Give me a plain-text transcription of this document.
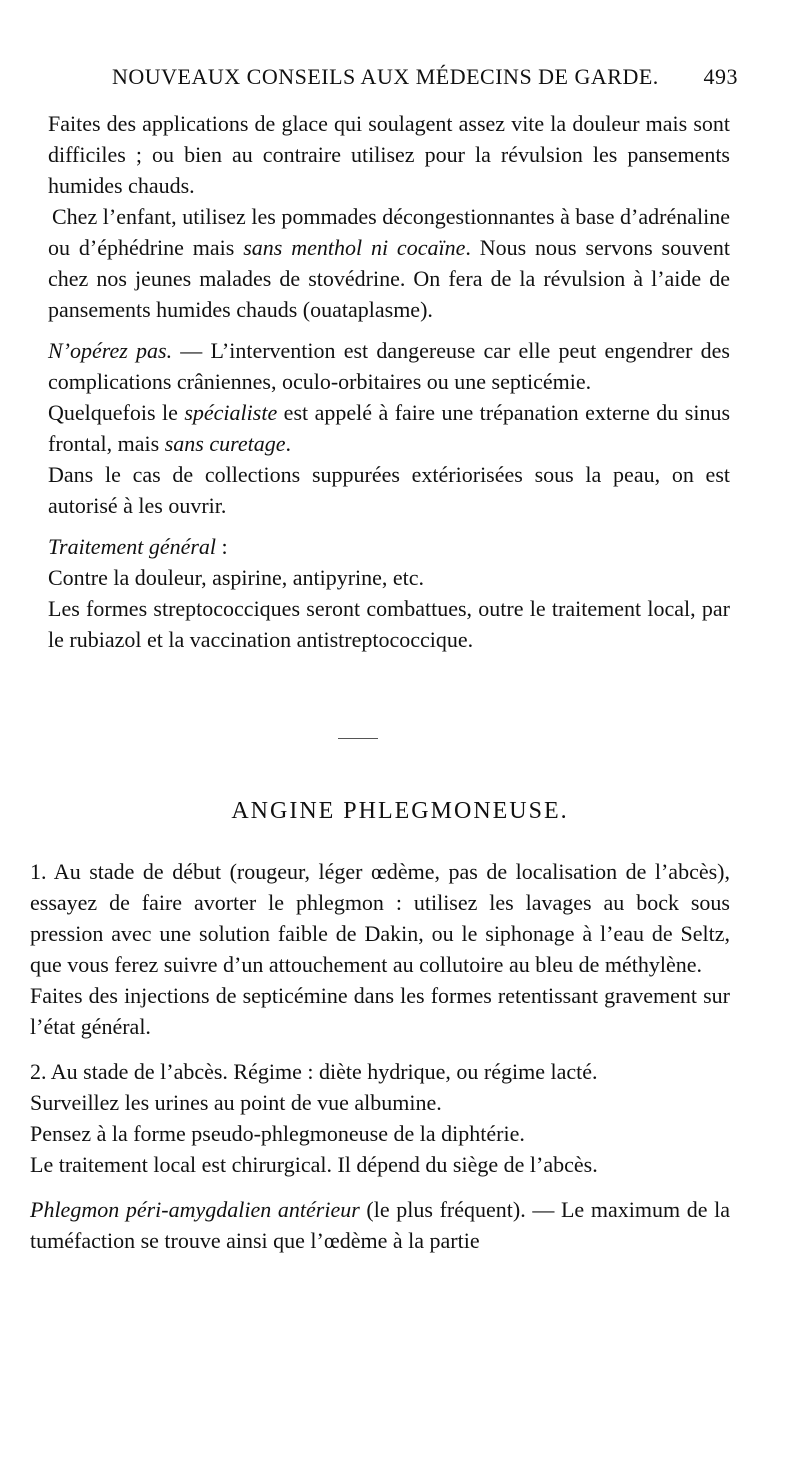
NOUVEAUX CONSEILS AUX MÉDECINS DE GARDE. 493

Faites des applications de glace qui soulagent assez vite la douleur mais sont difficiles ; ou bien au contraire utilisez pour la révulsion les pansements humides chauds.

Chez l’enfant, utilisez les pommades décongestionnantes à base d’adrénaline ou d’éphédrine mais sans menthol ni cocaïne. Nous nous servons souvent chez nos jeunes malades de stovédrine. On fera de la révulsion à l’aide de pansements humides chauds (ouataplasme).

N’opérez pas. — L’intervention est dangereuse car elle peut engendrer des complications crâniennes, oculo-orbitaires ou une septicémie.

Quelquefois le spécialiste est appelé à faire une trépanation externe du sinus frontal, mais sans curetage.

Dans le cas de collections suppurées extériorisées sous la peau, on est autorisé à les ouvrir.

Traitement général :

Contre la douleur, aspirine, antipyrine, etc.

Les formes streptococciques seront combattues, outre le traitement local, par le rubiazol et la vaccination antistreptococcique.

ANGINE PHLEGMONEUSE.

1. Au stade de début (rougeur, léger œdème, pas de localisation de l’abcès), essayez de faire avorter le phlegmon : utilisez les lavages au bock sous pression avec une solution faible de Dakin, ou le siphonage à l’eau de Seltz, que vous ferez suivre d’un attouchement au collutoire au bleu de méthylène.

Faites des injections de septicémine dans les formes retentissant gravement sur l’état général.

2. Au stade de l’abcès. Régime : diète hydrique, ou régime lacté.

Surveillez les urines au point de vue albumine.

Pensez à la forme pseudo-phlegmoneuse de la diphtérie.

Le traitement local est chirurgical. Il dépend du siège de l’abcès.

Phlegmon péri-amygdalien antérieur (le plus fréquent). — Le maximum de la tuméfaction se trouve ainsi que l’œdème à la partie
